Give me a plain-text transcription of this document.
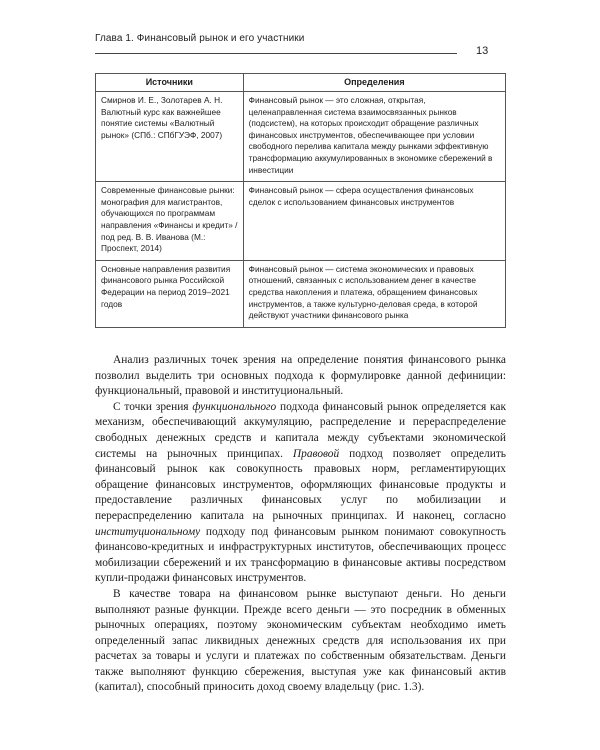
Глава 1. Финансовый рынок и его участники
13
Источники	Определения
Смирнов И. Е., Золотарев А. Н. Валютный курс как важнейшее понятие системы «Валютный рынок» (СПб.: СПбГУЭФ, 2007)	Финансовый рынок — это сложная, открытая, целенаправленная система взаимосвязанных рынков (подсистем), на которых происходит обращение различных финансовых инструментов, обеспечивающее при условии свободного перелива капитала между рынками эффективную трансформацию аккумулированных в экономике сбережений в инвестиции
Современные финансовые рынки: монография для магистрантов, обучающихся по программам направления «Финансы и кредит» / под ред. В. В. Иванова (М.: Проспект, 2014)	Финансовый рынок — сфера осуществления финансовых сделок с использованием финансовых инструментов
Основные направления развития финансового рынка Российской Федерации на период 2019–2021 годов	Финансовый рынок — система экономических и правовых отношений, связанных с использованием денег в качестве средства накопления и платежа, обращением финансовых инструментов, а также культурно-деловая среда, в которой действуют участники финансового рынка

Анализ различных точек зрения на определение понятия финансового рынка позволил выделить три основных подхода к формулировке данной дефиниции: функциональный, правовой и институциональный.

С точки зрения функционального подхода финансовый рынок определяется как механизм, обеспечивающий аккумуляцию, распределение и перераспределение свободных денежных средств и капитала между субъектами экономической системы на рыночных принципах. Правовой подход позволяет определить финансовый рынок как совокупность правовых норм, регламентирующих обращение финансовых инструментов, оформляющих финансовые продукты и предоставление различных финансовых услуг по мобилизации и перераспределению капитала на рыночных принципах. И наконец, согласно институциональному подходу под финансовым рынком понимают совокупность финансово-кредитных и инфраструктурных институтов, обеспечивающих процесс мобилизации сбережений и их трансформацию в финансовые активы посредством купли-продажи финансовых инструментов.

В качестве товара на финансовом рынке выступают деньги. Но деньги выполняют разные функции. Прежде всего деньги — это посредник в обменных рыночных операциях, поэтому экономическим субъектам необходимо иметь определенный запас ликвидных денежных средств для использования их при расчетах за товары и услуги и платежах по собственным обязательствам. Деньги также выполняют функцию сбережения, выступая уже как финансовый актив (капитал), способный приносить доход своему владельцу (рис. 1.3).
